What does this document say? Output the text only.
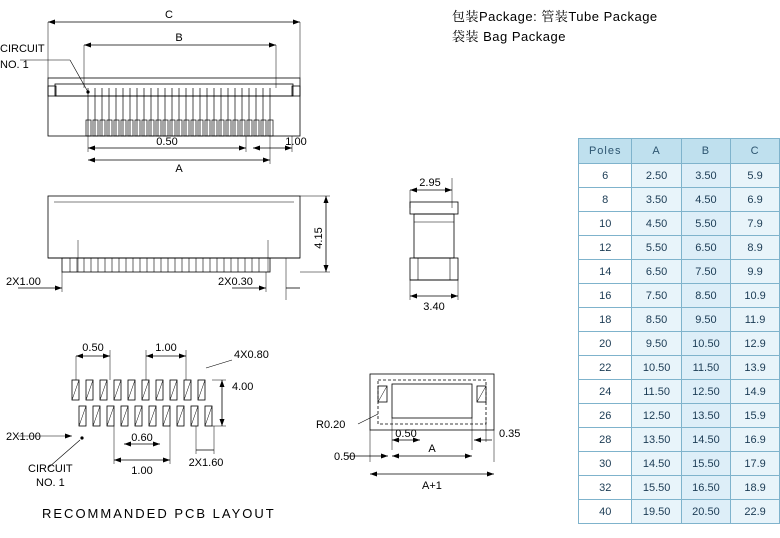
包装Package: 管装Tube Package
袋装 Bag Package
C
B
0.50	1.00
A
CIRCUIT
NO. 1
4.15
2X1.00	2X0.30
2.95
3.40
0.50	1.00
4X0.80
4.00
2X1.00	0.60
1.00
2X1.60
CIRCUIT
NO. 1
R0.20
0.50	0.35
0.50
A
A+1
RECOMMANDED PCB LAYOUT
Poles	A	B	C
6	2.50	3.50	5.9
8	3.50	4.50	6.9
10	4.50	5.50	7.9
12	5.50	6.50	8.9
14	6.50	7.50	9.9
16	7.50	8.50	10.9
18	8.50	9.50	11.9
20	9.50	10.50	12.9
22	10.50	11.50	13.9
24	11.50	12.50	14.9
26	12.50	13.50	15.9
28	13.50	14.50	16.9
30	14.50	15.50	17.9
32	15.50	16.50	18.9
40	19.50	20.50	22.9
